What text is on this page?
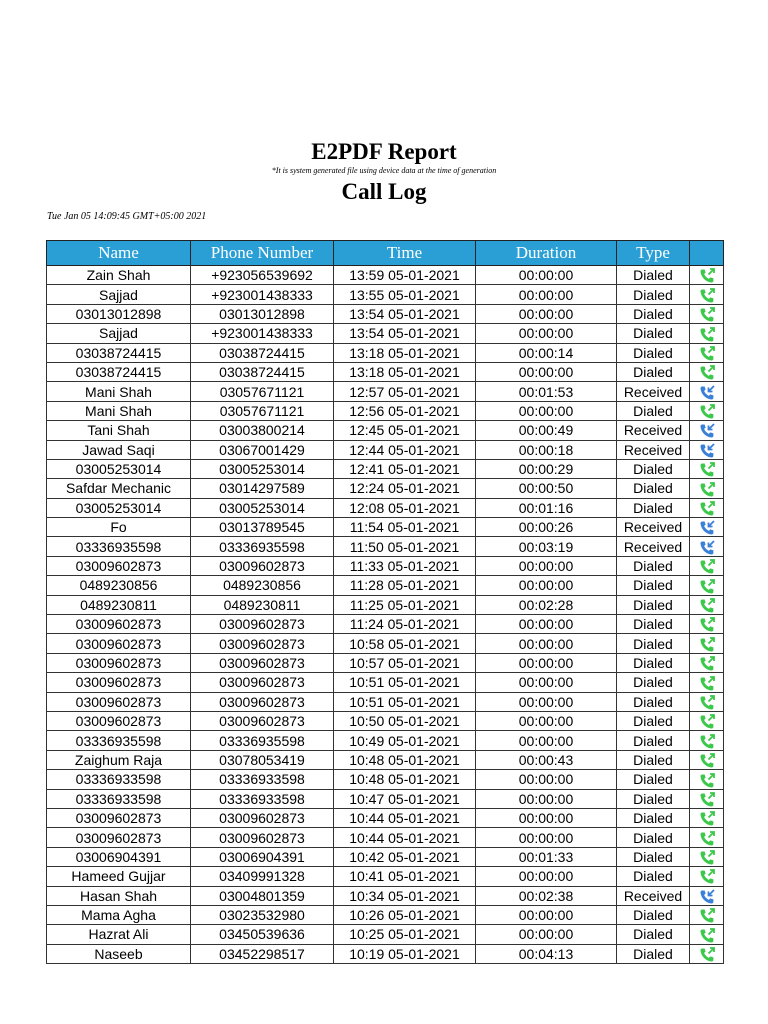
E2PDF Report
*It is system generated file using device data at the time of generation
Call Log
Tue Jan 05 14:09:45 GMT+05:00 2021
Name	Phone Number	Time	Duration	Type	
Zain Shah	+923056539692	13:59 05-01-2021	00:00:00	Dialed	
Sajjad	+923001438333	13:55 05-01-2021	00:00:00	Dialed	
03013012898	03013012898	13:54 05-01-2021	00:00:00	Dialed	
Sajjad	+923001438333	13:54 05-01-2021	00:00:00	Dialed	
03038724415	03038724415	13:18 05-01-2021	00:00:14	Dialed	
03038724415	03038724415	13:18 05-01-2021	00:00:00	Dialed	
Mani Shah	03057671121	12:57 05-01-2021	00:01:53	Received	
Mani Shah	03057671121	12:56 05-01-2021	00:00:00	Dialed	
Tani Shah	03003800214	12:45 05-01-2021	00:00:49	Received	
Jawad Saqi	03067001429	12:44 05-01-2021	00:00:18	Received	
03005253014	03005253014	12:41 05-01-2021	00:00:29	Dialed	
Safdar Mechanic	03014297589	12:24 05-01-2021	00:00:50	Dialed	
03005253014	03005253014	12:08 05-01-2021	00:01:16	Dialed	
Fo	03013789545	11:54 05-01-2021	00:00:26	Received	
03336935598	03336935598	11:50 05-01-2021	00:03:19	Received	
03009602873	03009602873	11:33 05-01-2021	00:00:00	Dialed	
0489230856	0489230856	11:28 05-01-2021	00:00:00	Dialed	
0489230811	0489230811	11:25 05-01-2021	00:02:28	Dialed	
03009602873	03009602873	11:24 05-01-2021	00:00:00	Dialed	
03009602873	03009602873	10:58 05-01-2021	00:00:00	Dialed	
03009602873	03009602873	10:57 05-01-2021	00:00:00	Dialed	
03009602873	03009602873	10:51 05-01-2021	00:00:00	Dialed	
03009602873	03009602873	10:51 05-01-2021	00:00:00	Dialed	
03009602873	03009602873	10:50 05-01-2021	00:00:00	Dialed	
03336935598	03336935598	10:49 05-01-2021	00:00:00	Dialed	
Zaighum Raja	03078053419	10:48 05-01-2021	00:00:43	Dialed	
03336933598	03336933598	10:48 05-01-2021	00:00:00	Dialed	
03336933598	03336933598	10:47 05-01-2021	00:00:00	Dialed	
03009602873	03009602873	10:44 05-01-2021	00:00:00	Dialed	
03009602873	03009602873	10:44 05-01-2021	00:00:00	Dialed	
03006904391	03006904391	10:42 05-01-2021	00:01:33	Dialed	
Hameed Gujjar	03409991328	10:41 05-01-2021	00:00:00	Dialed	
Hasan Shah	03004801359	10:34 05-01-2021	00:02:38	Received	
Mama Agha	03023532980	10:26 05-01-2021	00:00:00	Dialed	
Hazrat Ali	03450539636	10:25 05-01-2021	00:00:00	Dialed	
Naseeb	03452298517	10:19 05-01-2021	00:04:13	Dialed	
